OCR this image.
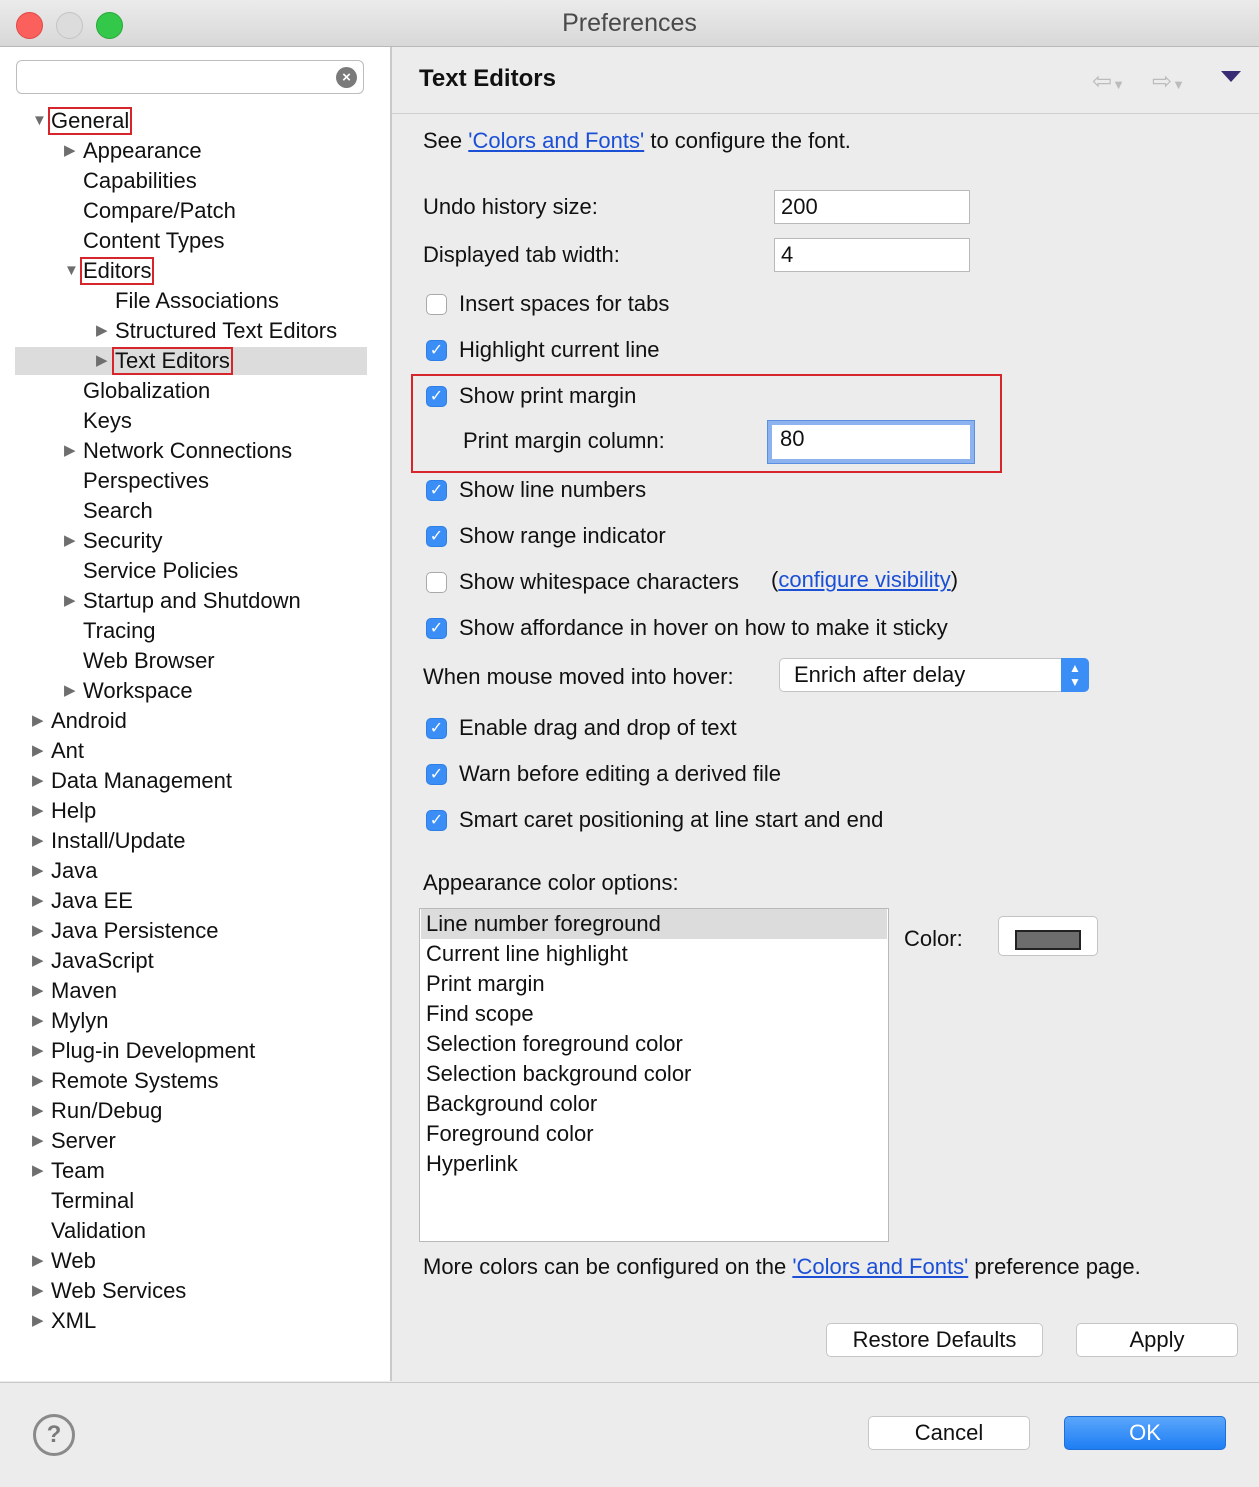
Preferences
×
▼ General
▶ Appearance
Capabilities
Compare/Patch
Content Types
▼ Editors
File Associations
▶ Structured Text Editors
▶ Text Editors
Globalization
Keys
▶ Network Connections
Perspectives
Search
▶ Security
Service Policies
▶ Startup and Shutdown
Tracing
Web Browser
▶ Workspace
▶ Android
▶ Ant
▶ Data Management
▶ Help
▶ Install/Update
▶ Java
▶ Java EE
▶ Java Persistence
▶ JavaScript
▶ Maven
▶ Mylyn
▶ Plug-in Development
▶ Remote Systems
▶ Run/Debug
▶ Server
▶ Team
Terminal
Validation
▶ Web
▶ Web Services
▶ XML
Text Editors	⇦▼ ⇨▼
See 'Colors and Fonts' to configure the font.
Undo history size:	200
Displayed tab width:	4
Insert spaces for tabs
✓ Highlight current line
✓ Show print margin
Print margin column:	80
✓ Show line numbers
✓ Show range indicator
Show whitespace characters (configure visibility)
✓ Show affordance in hover on how to make it sticky
When mouse moved into hover:	Enrich after delay	▲
▼
✓ Enable drag and drop of text
✓ Warn before editing a derived file
✓ Smart caret positioning at line start and end
Appearance color options:
Line number foreground
Current line highlight
Print margin
Find scope
Selection foreground color
Selection background color
Background color
Foreground color
Hyperlink
Color:
More colors can be configured on the 'Colors and Fonts' preference page.
Restore Defaults	Apply
?	Cancel	OK
